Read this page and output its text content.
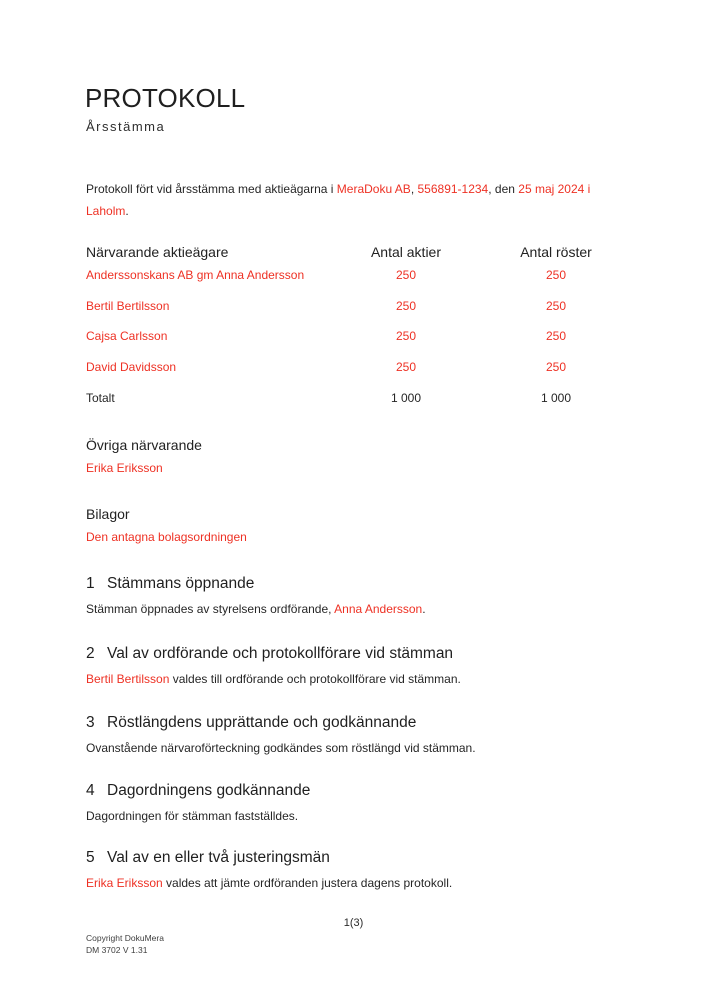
PROTOKOLL
Årsstämma

Protokoll fört vid årsstämma med aktieägarna i MeraDoku AB, 556891-1234, den 25 maj 2024 i
Laholm.

Närvarande aktieägare	Antal aktier	Antal röster
Anderssonskans AB gm Anna Andersson	250	250
Bertil Bertilsson	250	250
Cajsa Carlsson	250	250
David Davidsson	250	250
Totalt	1 000	1 000
Övriga närvarande
Erika Eriksson
Bilagor
Den antagna bolagsordningen
1 Stämmans öppnande
Stämman öppnades av styrelsens ordförande, Anna Andersson.
2 Val av ordförande och protokollförare vid stämman
Bertil Bertilsson valdes till ordförande och protokollförare vid stämman.
3 Röstlängdens upprättande och godkännande
Ovanstående närvaroförteckning godkändes som röstlängd vid stämman.
4 Dagordningens godkännande
Dagordningen för stämman fastställdes.
5 Val av en eller två justeringsmän
Erika Eriksson valdes att jämte ordföranden justera dagens protokoll.
1(3)
Copyright DokuMera
DM 3702 V 1.31
